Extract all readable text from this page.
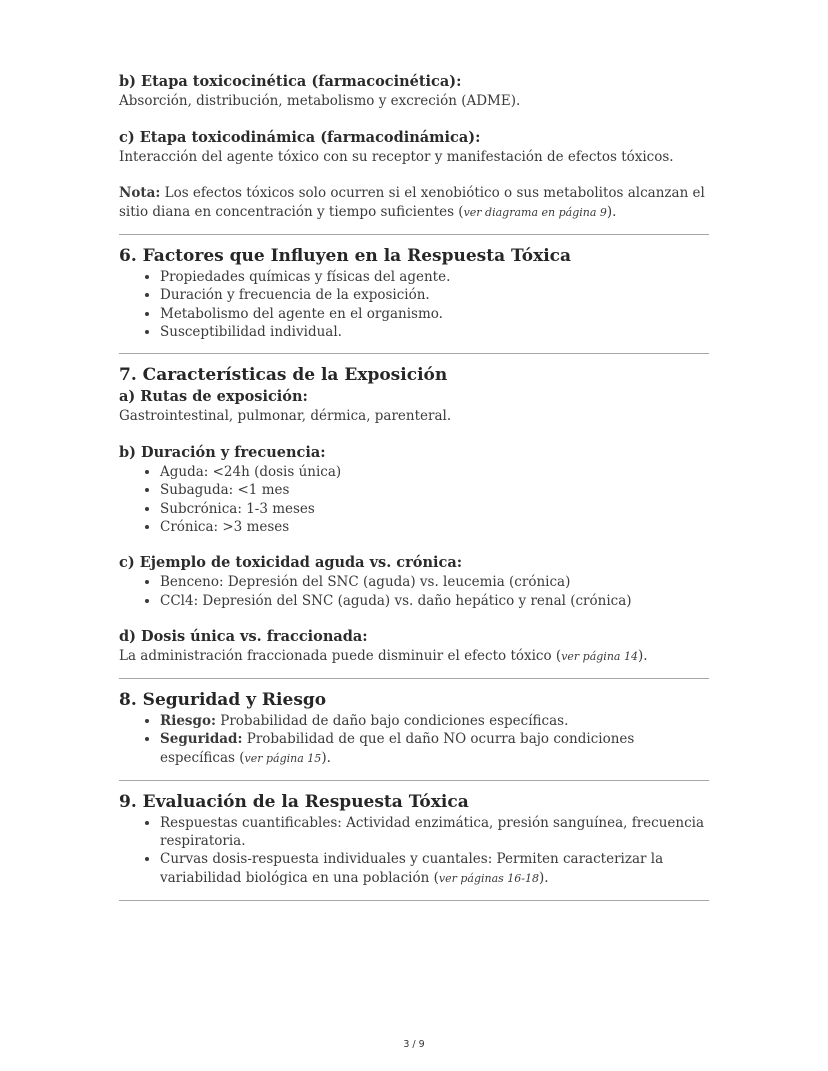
b) Etapa toxicocinética (farmacocinética):

Absorción, distribución, metabolismo y excreción (ADME).

c) Etapa toxicodinámica (farmacodinámica):

Interacción del agente tóxico con su receptor y manifestación de efectos tóxicos.

Nota: Los efectos tóxicos solo ocurren si el xenobiótico o sus metabolitos alcanzan el sitio diana en concentración y tiempo suficientes (ver diagrama en página 9).

6. Factores que Influyen en la Respuesta Tóxica
• Propiedades químicas y físicas del agente.
• Duración y frecuencia de la exposición.
• Metabolismo del agente en el organismo.
• Susceptibilidad individual.
7. Características de la Exposición

a) Rutas de exposición:

Gastrointestinal, pulmonar, dérmica, parenteral.

b) Duración y frecuencia:

• Aguda: <24h (dosis única)
• Subaguda: <1 mes
• Subcrónica: 1-3 meses
• Crónica: >3 meses

c) Ejemplo de toxicidad aguda vs. crónica:

• Benceno: Depresión del SNC (aguda) vs. leucemia (crónica)
• CCl4: Depresión del SNC (aguda) vs. daño hepático y renal (crónica)

d) Dosis única vs. fraccionada:

La administración fraccionada puede disminuir el efecto tóxico (ver página 14).

8. Seguridad y Riesgo
• Riesgo: Probabilidad de daño bajo condiciones específicas.
• Seguridad: Probabilidad de que el daño NO ocurra bajo condiciones específicas (ver página 15).
9. Evaluación de la Respuesta Tóxica
• Respuestas cuantificables: Actividad enzimática, presión sanguínea, frecuencia respiratoria.
• Curvas dosis-respuesta individuales y cuantales: Permiten caracterizar la variabilidad biológica en una población (ver páginas 16-18).
3 / 9
